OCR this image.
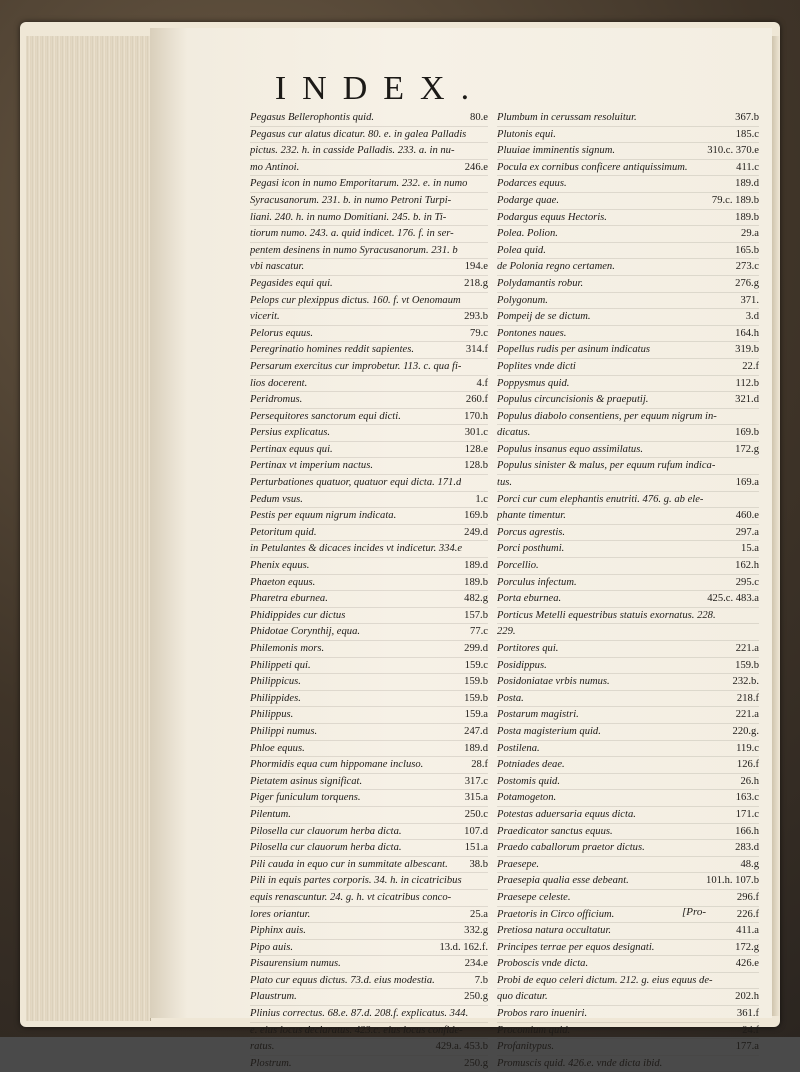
INDEX.
Pegasus Bellerophontis quid.	80.e
Pegasus cur alatus dicatur. 80. e. in galea Palladis
pictus. 232. h. in casside Palladis. 233. a. in nu-
mo Antinoi.	246.e
Pegasi icon in numo Emporitarum. 232. e. in numo
Syracusanorum. 231. b. in numo Petroni Turpi-
liani. 240. h. in numo Domitiani. 245. b. in Ti-
tiorum numo. 243. a. quid indicet. 176. f. in ser-
pentem desinens in numo Syracusanorum. 231. b
vbi nascatur.	194.e
Pegasides equi qui.	218.g
Pelops cur plexippus dictus. 160. f. vt Oenomaum
vicerit.	293.b
Pelorus equus.	79.c
Peregrinatio homines reddit sapientes.	314.f
Persarum exercitus cur improbetur. 113. c. qua fi-
lios docerent.	4.f
Peridromus.	260.f
Persequitores sanctorum equi dicti.	170.h
Persius explicatus.	301.c
Pertinax equus qui.	128.e
Pertinax vt imperium nactus.	128.b
Perturbationes quatuor, quatuor equi dicta. 171.d
Pedum vsus.	1.c
Pestis per equum nigrum indicata.	169.b
Petoritum quid.	249.d
in Petulantes & dicaces incides vt indicetur. 334.e
Phenix equus.	189.d
Phaeton equus.	189.b
Pharetra eburnea.	482.g
Phidippides cur dictus	157.b
Phidotae Corynthij, equa.	77.c
Philemonis mors.	299.d
Philippeti qui.	159.c
Philippicus.	159.b
Philippides.	159.b
Philippus.	159.a
Philippi numus.	247.d
Phloe equus.	189.d
Phormidis equa cum hippomane incluso.	28.f
Pietatem asinus significat.	317.c
Piger funiculum torquens.	315.a
Pilentum.	250.c
Pilosella cur clauorum herba dicta.	107.d
Pilosella cur clauorum herba dicta.	151.a
Pili cauda in equo cur in summitate albescant.	38.b
Pili in equis partes corporis. 34. h. in cicatricibus
equis renascuntur. 24. g. h. vt cicatribus conco-
lores oriantur.	25.a
Piphinx auis.	332.g
Pipo auis.	13.d. 162.f.
Pisaurensium numus.	234.e
Plato cur equus dictus. 73.d. eius modestia.	7.b
Plaustrum.	250.g
Plinius correctus. 68.e. 87.d. 208.f. explicatus. 344.
e. eius locus declaratus. 423.c. eius locus confide-
ratus.	429.a. 453.b
Plostrum.	250.g
Plumbum in cerussam resoluitur.	367.b
Plutonis equi.	185.c
Pluuiae imminentis signum.	310.c. 370.e
Pocula ex cornibus conficere antiquissimum.	411.c
Podarces equus.	189.d
Podarge quae.	79.c. 189.b
Podargus equus Hectoris.	189.b
Polea. Polion.	29.a
Polea quid.	165.b
de Polonia regno certamen.	273.c
Polydamantis robur.	276.g
Polygonum.	371.
Pompeij de se dictum.	3.d
Pontones naues.	164.h
Popellus rudis per asinum indicatus	319.b
Poplites vnde dicti	22.f
Poppysmus quid.	112.b
Populus circuncisionis & praeputij.	321.d
Populus diabolo consentiens, per equum nigrum in-
dicatus.	169.b
Populus insanus equo assimilatus.	172.g
Populus sinister & malus, per equum rufum indica-
tus.	169.a
Porci cur cum elephantis enutriti. 476. g. ab ele-
phante timentur.	460.e
Porcus agrestis.	297.a
Porci posthumi.	15.a
Porcellio.	162.h
Porculus infectum.	295.c
Porta eburnea.	425.c. 483.a
Porticus Metelli equestribus statuis exornatus. 228.
229.
Portitores qui.	221.a
Posidippus.	159.b
Posidoniatae vrbis numus.	232.b.
Posta.	218.f
Postarum magistri.	221.a
Posta magisterium quid.	220.g.
Postilena.	119.c
Potniades deae.	126.f
Postomis quid.	26.h
Potamogeton.	163.c
Potestas aduersaria equus dicta.	171.c
Praedicator sanctus equus.	166.h
Praedo caballorum praetor dictus.	283.d
Praesepe.	48.g
Praesepia qualia esse debeant.	101.h. 107.b
Praesepe celeste.	296.f
Praetoris in Circo officium.	226.f
Pretiosa natura occultatur.	411.a
Principes terrae per equos designati.	172.g
Proboscis vnde dicta.	426.e
Probi de equo celeri dictum. 212. g. eius equus de-
quo dicatur.	202.h
Probos raro inueniri.	361.f
Procomium quid.	24.f
Profanitypus.	177.a
Promuscis quid. 426.e. vnde dicta ibid.
[Pro-
